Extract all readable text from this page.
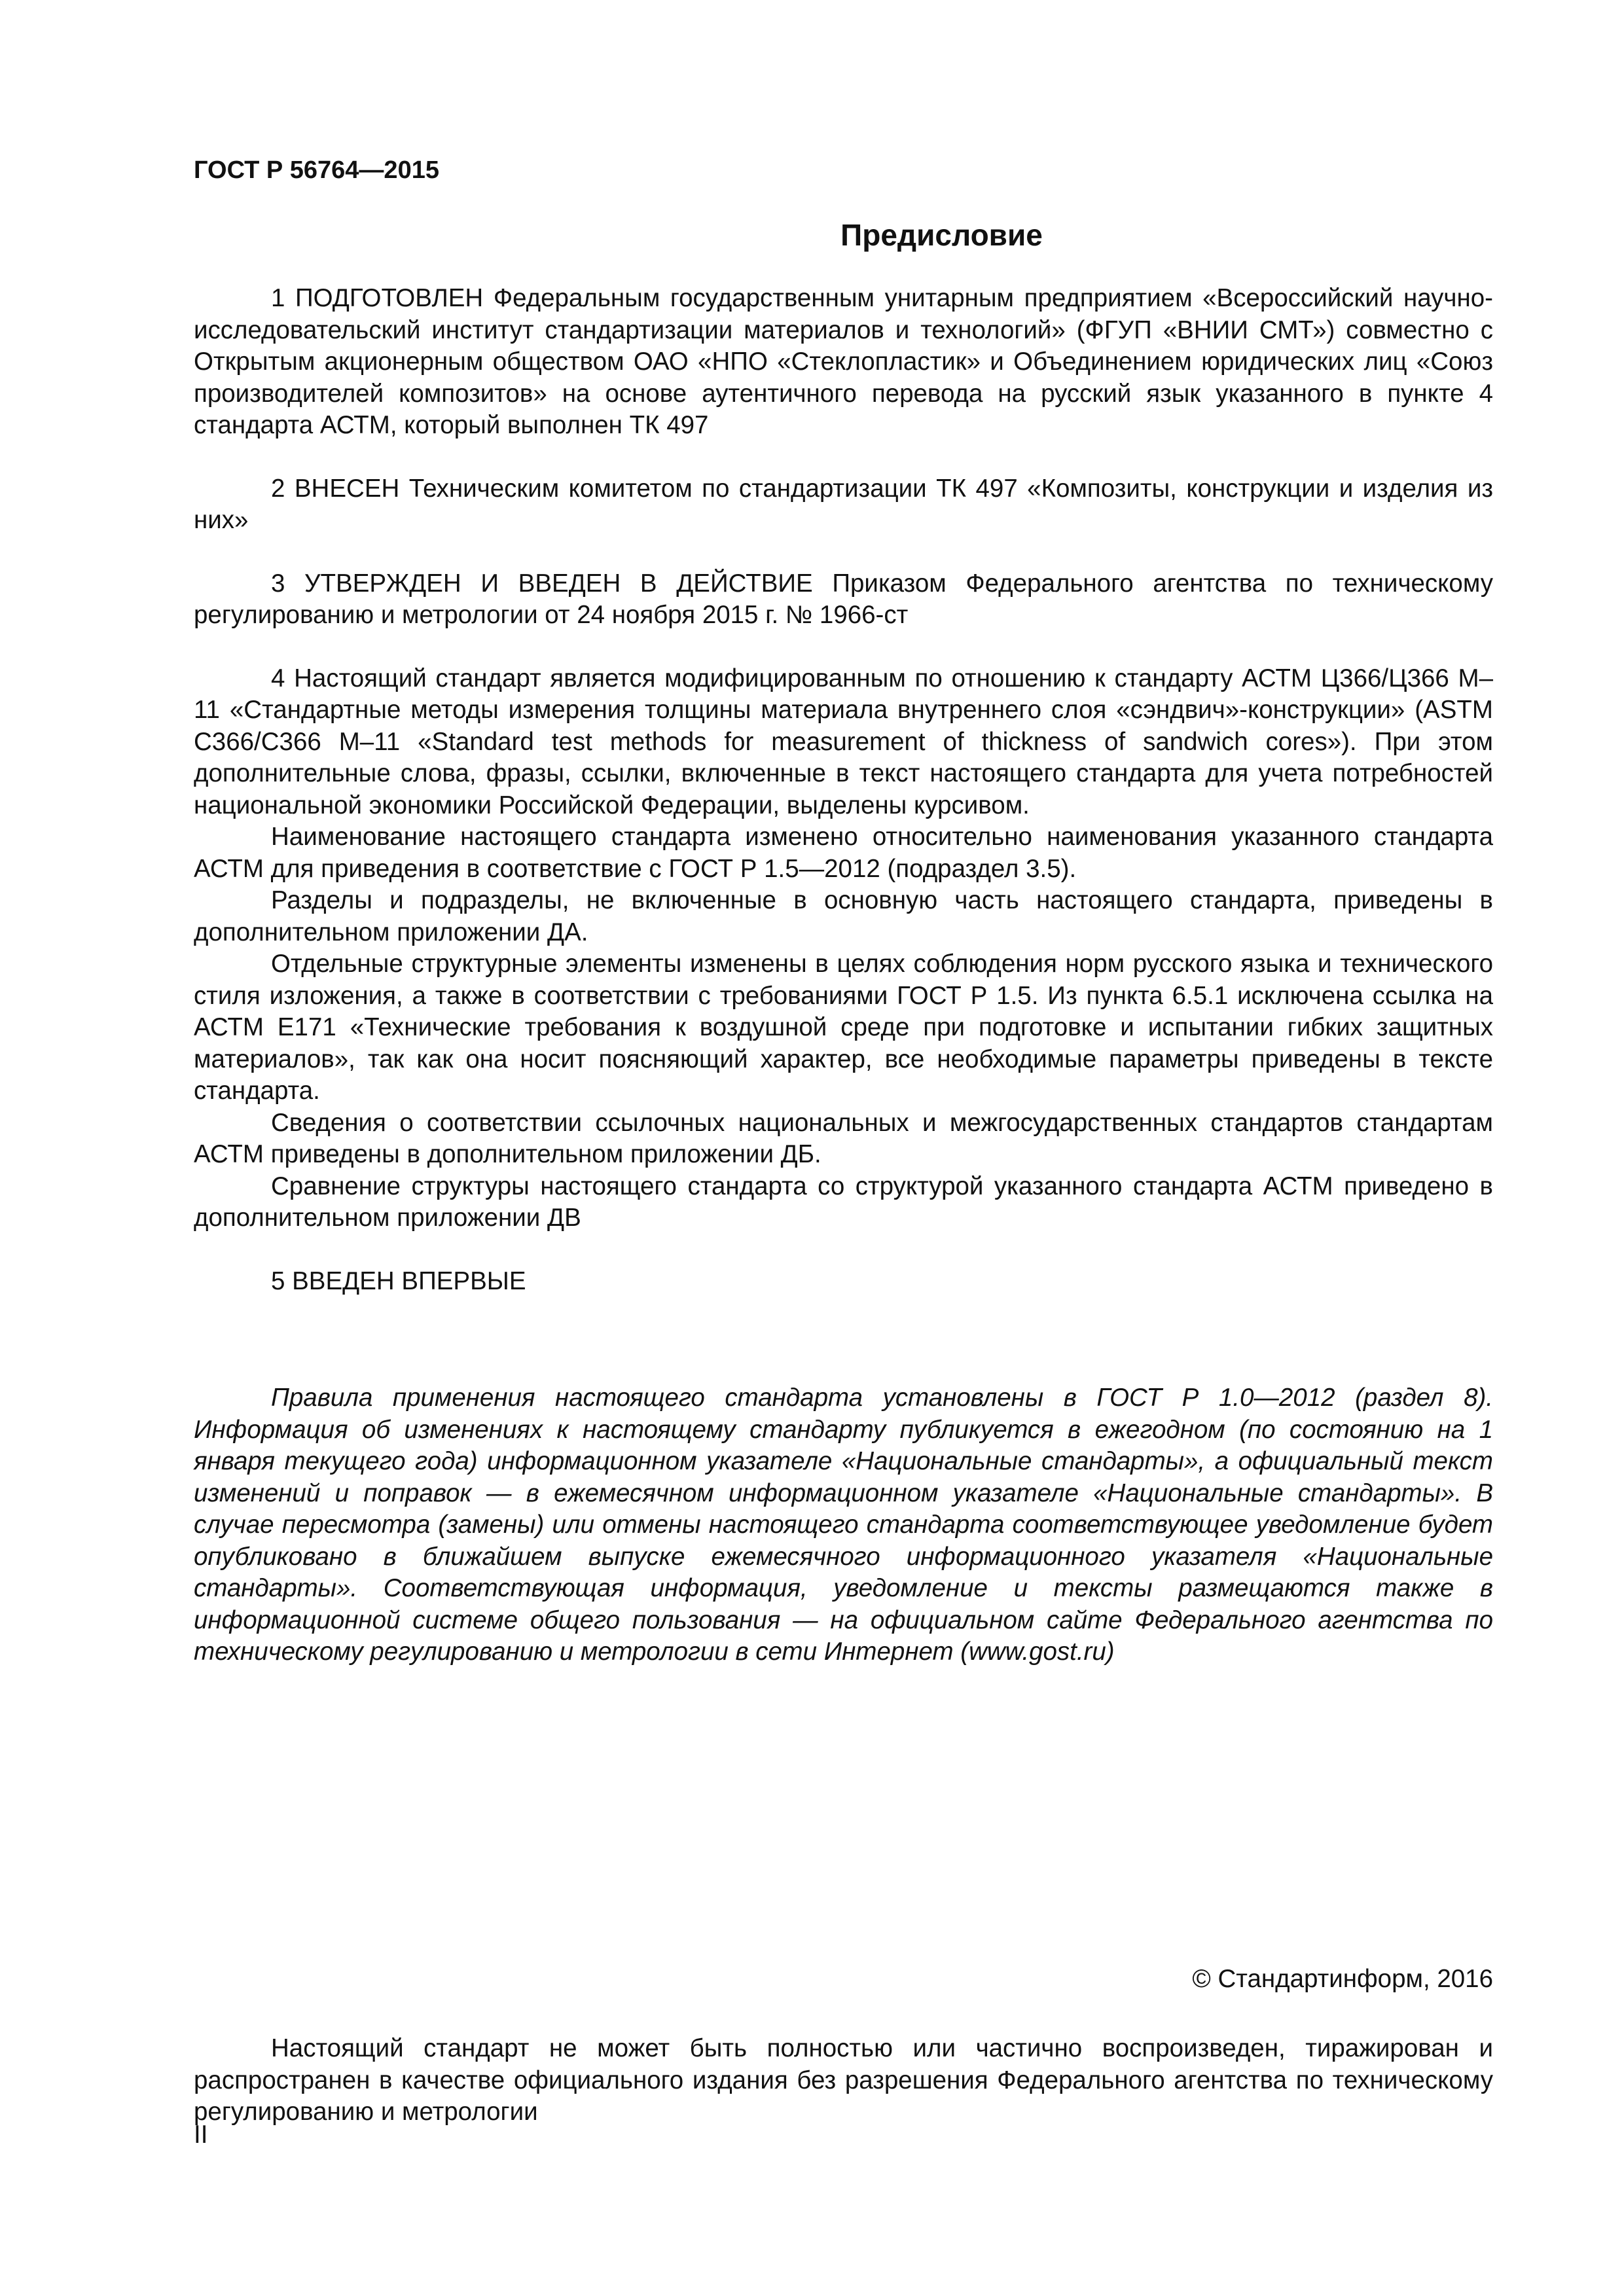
ГОСТ Р 56764—2015
Предисловие

1 ПОДГОТОВЛЕН Федеральным государственным унитарным предприятием «Всероссийский научно-исследовательский институт стандартизации материалов и технологий» (ФГУП «ВНИИ СМТ») совместно с Открытым акционерным обществом ОАО «НПО «Стеклопластик» и Объединением юридических лиц «Союз производителей композитов» на основе аутентичного перевода на русский язык указанного в пункте 4 стандарта АСТМ, который выполнен ТК 497

2 ВНЕСЕН Техническим комитетом по стандартизации ТК 497 «Композиты, конструкции и изделия из них»

3 УТВЕРЖДЕН И ВВЕДЕН В ДЕЙСТВИЕ Приказом Федерального агентства по техническому регулированию и метрологии от 24 ноября 2015 г. № 1966-ст

4 Настоящий стандарт является модифицированным по отношению к стандарту АСТМ Ц366/Ц366 М–11 «Стандартные методы измерения толщины материала внутреннего слоя «сэндвич»-конструкции» (ASTM C366/C366 M–11 «Standard test methods for measurement of thickness of sandwich cores»). При этом дополнительные слова, фразы, ссылки, включенные в текст настоящего стандарта для учета потребностей национальной экономики Российской Федерации, выделены курсивом.

Наименование настоящего стандарта изменено относительно наименования указанного стандарта АСТМ для приведения в соответствие с ГОСТ Р 1.5—2012 (подраздел 3.5).

Разделы и подразделы, не включенные в основную часть настоящего стандарта, приведены в дополнительном приложении ДА.

Отдельные структурные элементы изменены в целях соблюдения норм русского языка и технического стиля изложения, а также в соответствии с требованиями ГОСТ Р 1.5. Из пункта 6.5.1 исключена ссылка на АСТМ Е171 «Технические требования к воздушной среде при подготовке и испытании гибких защитных материалов», так как она носит поясняющий характер, все необходимые параметры приведены в тексте стандарта.

Сведения о соответствии ссылочных национальных и межгосударственных стандартов стандартам АСТМ приведены в дополнительном приложении ДБ.

Сравнение структуры настоящего стандарта со структурой указанного стандарта АСТМ приведено в дополнительном приложении ДВ

5 ВВЕДЕН ВПЕРВЫЕ

Правила применения настоящего стандарта установлены в ГОСТ Р 1.0—2012 (раздел 8). Информация об изменениях к настоящему стандарту публикуется в ежегодном (по состоянию на 1 января текущего года) информационном указателе «Национальные стандарты», а официальный текст изменений и поправок — в ежемесячном информационном указателе «Национальные стандарты». В случае пересмотра (замены) или отмены настоящего стандарта соответствующее уведомление будет опубликовано в ближайшем выпуске ежемесячного информационного указателя «Национальные стандарты». Соответствующая информация, уведомление и тексты размещаются также в информационной системе общего пользования — на официальном сайте Федерального агентства по техническому регулированию и метрологии в сети Интернет (www.gost.ru)

© Стандартинформ, 2016

Настоящий стандарт не может быть полностью или частично воспроизведен, тиражирован и распространен в качестве официального издания без разрешения Федерального агентства по техническому регулированию и метрологии

II
